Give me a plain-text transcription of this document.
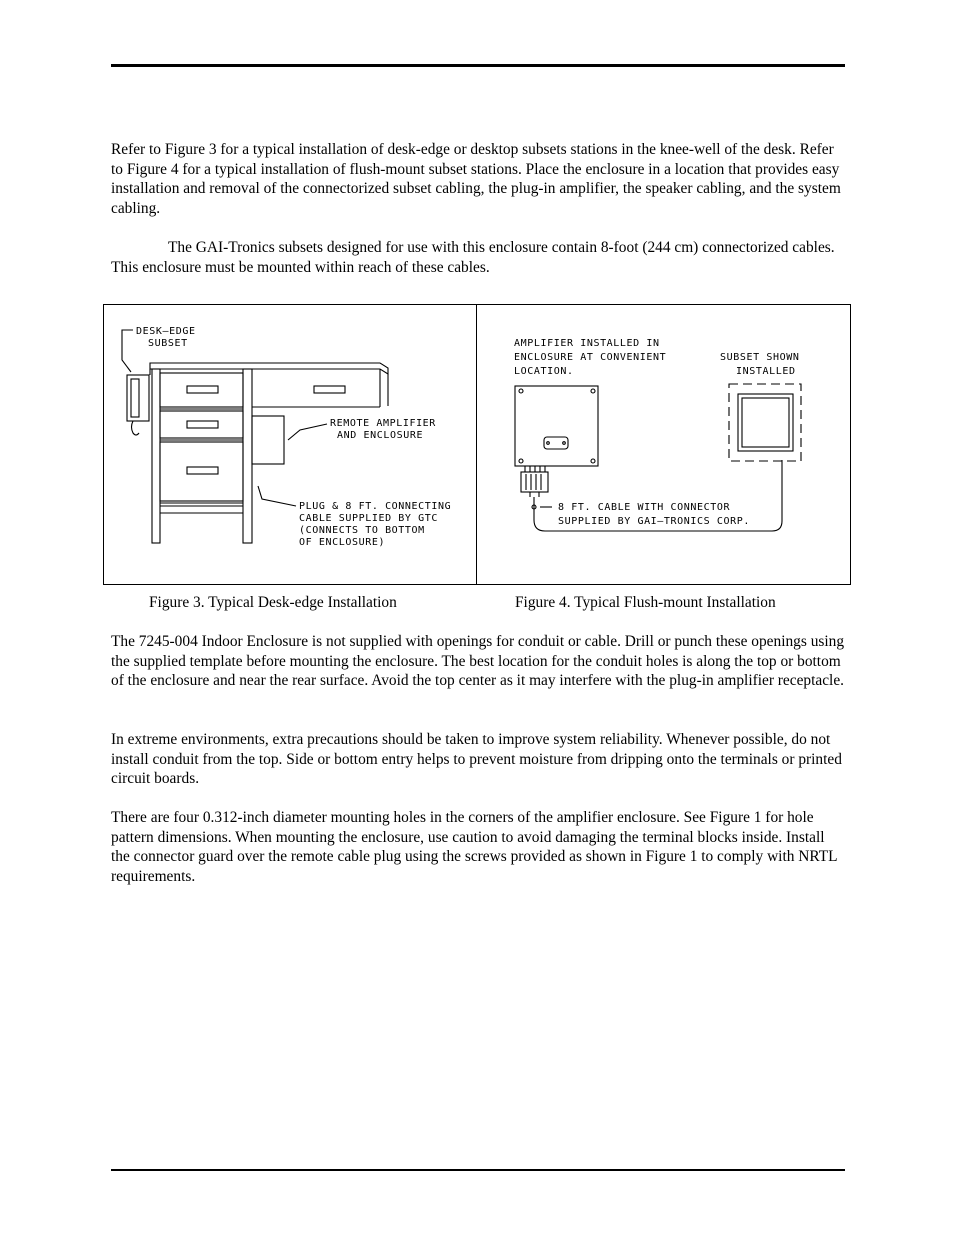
Refer to Figure 3 for a typical installation of desk-edge or desktop subsets stations in the knee-well of the desk. Refer to Figure 4 for a typical installation of flush-mount subset stations. Place the enclosure in a location that provides easy installation and removal of the connectorized subset cabling, the plug-in amplifier, the speaker cabling, and the system cabling.

The GAI-Tronics subsets designed for use with this enclosure contain 8-foot (244 cm) connectorized cables. This enclosure must be mounted within reach of these cables.

DESK–EDGE
SUBSET
REMOTE AMPLIFIER
AND ENCLOSURE
PLUG & 8 FT. CONNECTING
CABLE SUPPLIED BY GTC
(CONNECTS TO BOTTOM
OF ENCLOSURE)
AMPLIFIER INSTALLED IN
ENCLOSURE AT CONVENIENT
LOCATION.
SUBSET SHOWN
INSTALLED
8 FT. CABLE WITH CONNECTOR
SUPPLIED BY GAI–TRONICS CORP.
Figure 3. Typical Desk-edge Installation	Figure 4. Typical Flush-mount Installation

The 7245-004 Indoor Enclosure is not supplied with openings for conduit or cable. Drill or punch these openings using the supplied template before mounting the enclosure. The best location for the conduit holes is along the top or bottom of the enclosure and near the rear surface. Avoid the top center as it may interfere with the plug-in amplifier receptacle.

In extreme environments, extra precautions should be taken to improve system reliability. Whenever possible, do not install conduit from the top. Side or bottom entry helps to prevent moisture from dripping onto the terminals or printed circuit boards.

There are four 0.312-inch diameter mounting holes in the corners of the amplifier enclosure. See Figure 1 for hole pattern dimensions. When mounting the enclosure, use caution to avoid damaging the terminal blocks inside. Install the connector guard over the remote cable plug using the screws provided as shown in Figure 1 to comply with NRTL requirements.
